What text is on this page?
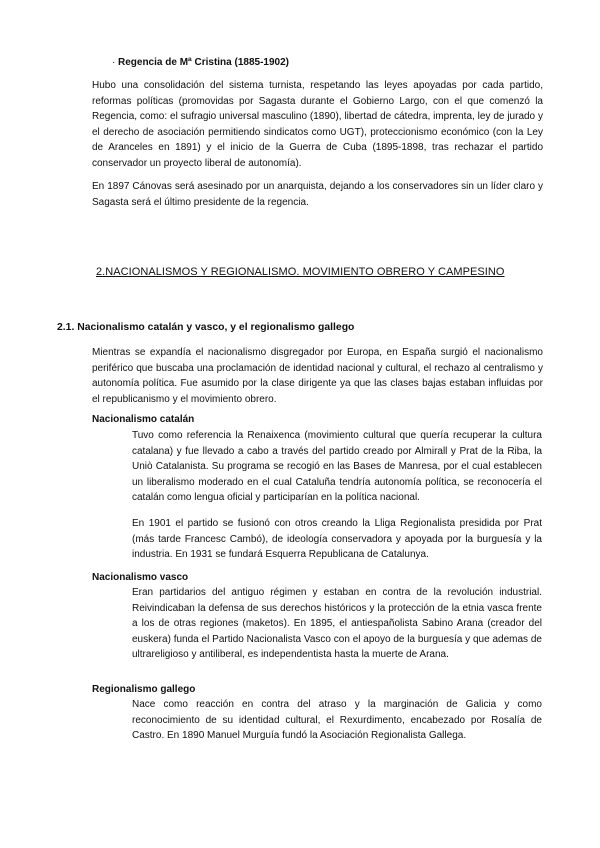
· Regencia de Mª Cristina (1885-1902)

Hubo una consolidación del sistema turnista, respetando las leyes apoyadas por cada partido, reformas políticas (promovidas por Sagasta durante el Gobierno Largo, con el que comenzó la Regencia, como: el sufragio universal masculino (1890), libertad de cátedra, imprenta, ley de jurado y el derecho de asociación permitiendo sindicatos como UGT), proteccionismo económico (con la Ley de Aranceles en 1891) y el inicio de la Guerra de Cuba (1895-1898, tras rechazar el partido conservador un proyecto liberal de autonomía).

En 1897 Cánovas será asesinado por un anarquista, dejando a los conservadores sin un líder claro y Sagasta será el último presidente de la regencia.

2.NACIONALISMOS Y REGIONALISMO. MOVIMIENTO OBRERO Y CAMPESINO
2.1. Nacionalismo catalán y vasco, y el regionalismo gallego

Mientras se expandía el nacionalismo disgregador por Europa, en España surgió el nacionalismo periférico que buscaba una proclamación de identidad nacional y cultural, el rechazo al centralismo y autonomía política. Fue asumido por la clase dirigente ya que las clases bajas estaban influidas por el republicanismo y el movimiento obrero.

Nacionalismo catalán

Tuvo como referencia la Renaixenca (movimiento cultural que quería recuperar la cultura catalana) y fue llevado a cabo a través del partido creado por Almirall y Prat de la Riba, la Uniò Catalanista. Su programa se recogió en las Bases de Manresa, por el cual establecen un liberalismo moderado en el cual Cataluña tendría autonomía política, se reconocería el catalán como lengua oficial y participarían en la política nacional.

En 1901 el partido se fusionó con otros creando la Lliga Regionalista presidida por Prat (más tarde Francesc Cambó), de ideología conservadora y apoyada por la burguesía y la industria. En 1931 se fundará Esquerra Republicana de Catalunya.

Nacionalismo vasco

Eran partidarios del antiguo régimen y estaban en contra de la revolución industrial. Reivindicaban la defensa de sus derechos históricos y la protección de la etnia vasca frente a los de otras regiones (maketos). En 1895, el antiespañolista Sabino Arana (creador del euskera) funda el Partido Nacionalista Vasco con el apoyo de la burguesía y que ademas de ultrareligioso y antiliberal, es independentista hasta la muerte de Arana.

Regionalismo gallego

Nace como reacción en contra del atraso y la marginación de Galicia y como reconocimiento de su identidad cultural, el Rexurdimento, encabezado por Rosalía de Castro. En 1890 Manuel Murguía fundó la Asociación Regionalista Gallega.
